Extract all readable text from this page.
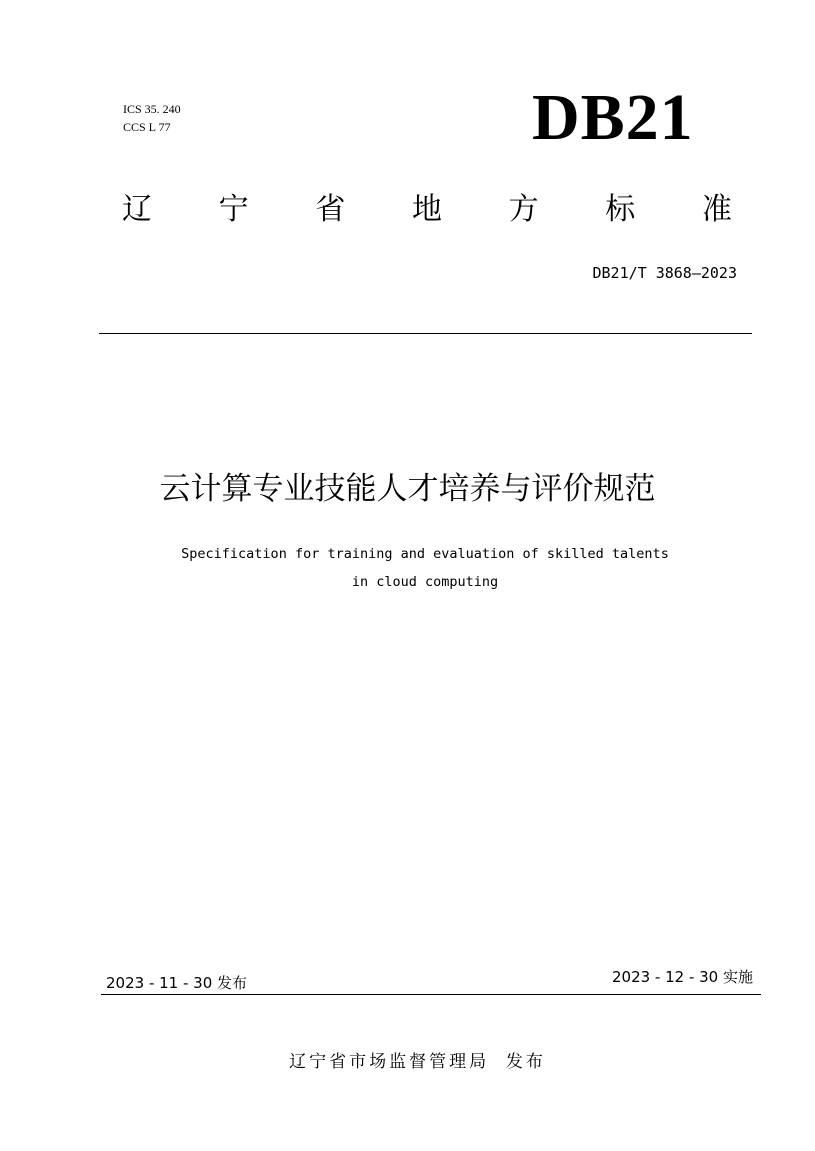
ICS 35. 240
CCS L 77	DB21
辽 宁 省 地 方 标 准
DB21/T 3868—2023
云计算专业技能人才培养与评价规范
Specification for training and evaluation of skilled talents
in cloud computing
2023 - 11 - 30 发布	2023 - 12 - 30 实施
辽宁省市场监督管理局  发布
